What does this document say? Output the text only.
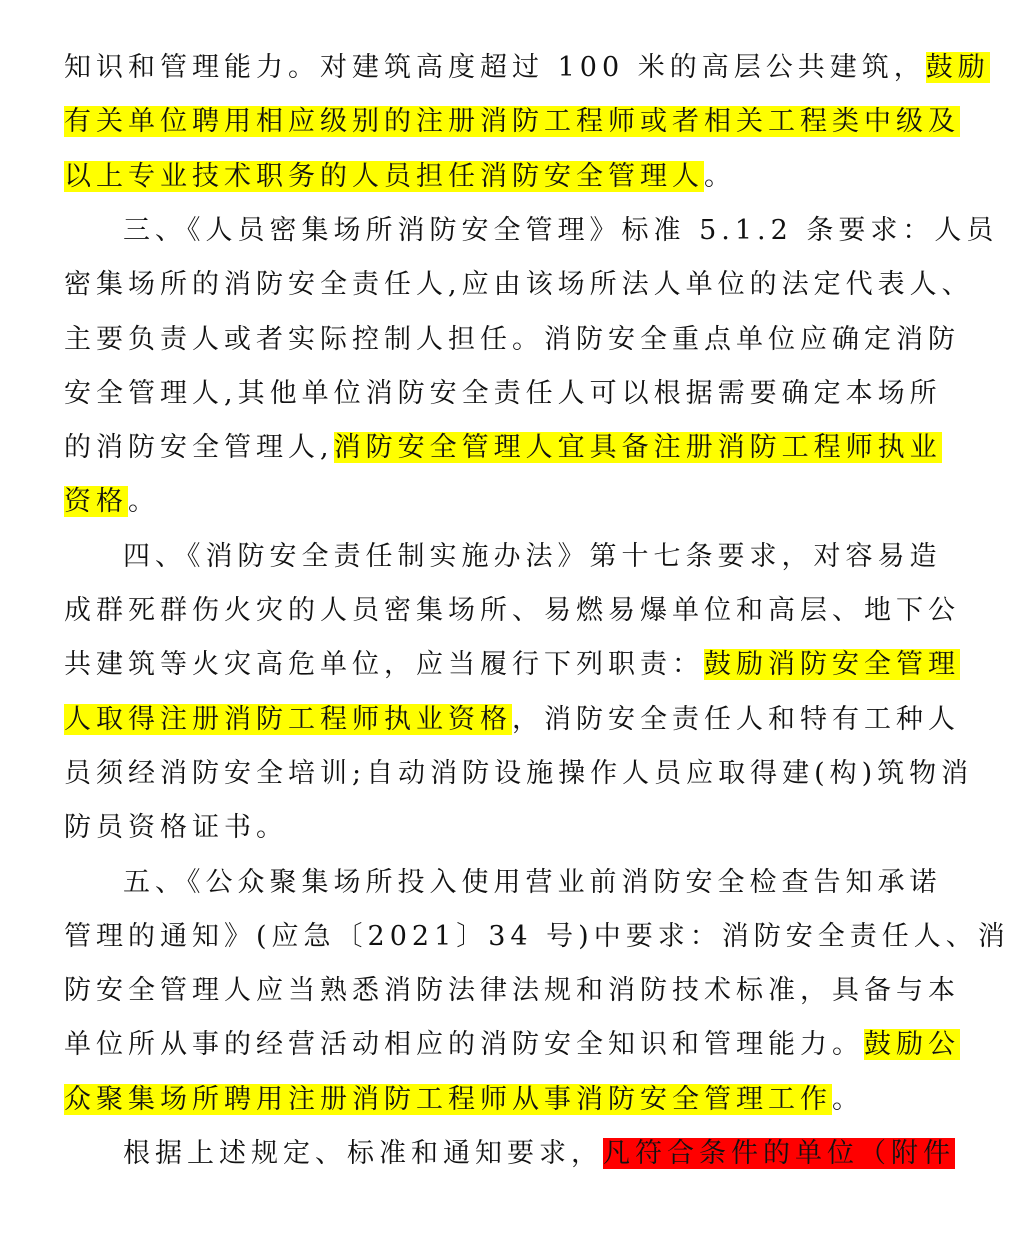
知识和管理能力。对建筑高度超过 100 米的高层公共建筑，鼓励
有关单位聘用相应级别的注册消防工程师或者相关工程类中级及
以上专业技术职务的人员担任消防安全管理人。
三、《人员密集场所消防安全管理》标准 5.1.2 条要求：人员
密集场所的消防安全责任人,应由该场所法人单位的法定代表人、
主要负责人或者实际控制人担任。消防安全重点单位应确定消防
安全管理人,其他单位消防安全责任人可以根据需要确定本场所
的消防安全管理人,消防安全管理人宜具备注册消防工程师执业
资格。
四、《消防安全责任制实施办法》第十七条要求，对容易造
成群死群伤火灾的人员密集场所、易燃易爆单位和高层、地下公
共建筑等火灾高危单位，应当履行下列职责：鼓励消防安全管理
人取得注册消防工程师执业资格，消防安全责任人和特有工种人
员须经消防安全培训;自动消防设施操作人员应取得建(构)筑物消
防员资格证书。
五、《公众聚集场所投入使用营业前消防安全检查告知承诺
管理的通知》(应急〔2021〕34 号)中要求：消防安全责任人、消
防安全管理人应当熟悉消防法律法规和消防技术标准，具备与本
单位所从事的经营活动相应的消防安全知识和管理能力。鼓励公
众聚集场所聘用注册消防工程师从事消防安全管理工作。
根据上述规定、标准和通知要求，凡符合条件的单位（附件
